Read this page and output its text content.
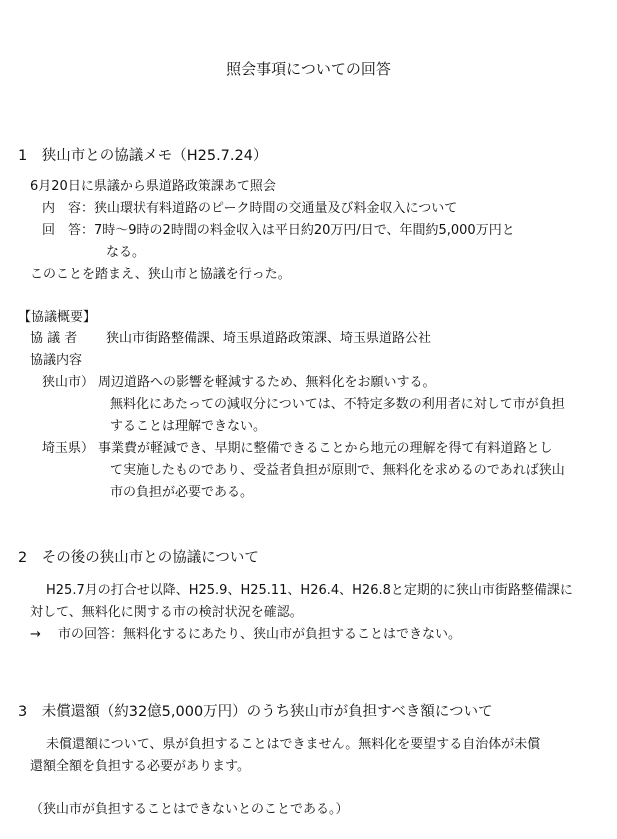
照会事項についての回答
1　狭山市との協議メモ（H25.7.24）
6月20日に県議から県道路政策課あて照会
内　容： 狭山環状有料道路のピーク時間の交通量及び料金収入について
回　答： 7時～9時の2時間の料金収入は平日約20万円/日で、年間約5,000万円と
なる。
このことを踏まえ、狭山市と協議を行った。
【協議概要】
協 議 者 狭山市街路整備課、埼玉県道路政策課、埼玉県道路公社
協議内容
狭山市） 周辺道路への影響を軽減するため、無料化をお願いする。
無料化にあたっての減収分については、不特定多数の利用者に対して市が負担
することは理解できない。
埼玉県） 事業費が軽減でき、早期に整備できることから地元の理解を得て有料道路とし
て実施したものであり、受益者負担が原則で、無料化を求めるのであれば狭山
市の負担が必要である。
2　その後の狭山市との協議について
H25.7月の打合せ以降、H25.9、H25.11、H26.4、H26.8と定期的に狭山市街路整備課に
対して、無料化に関する市の検討状況を確認。
→ 市の回答：無料化するにあたり、狭山市が負担することはできない。
3　未償還額（約32億5,000万円）のうち狭山市が負担すべき額について
未償還額について、県が負担することはできません。無料化を要望する自治体が未償
還額全額を負担する必要があります。
（狭山市が負担することはできないとのことである。）
